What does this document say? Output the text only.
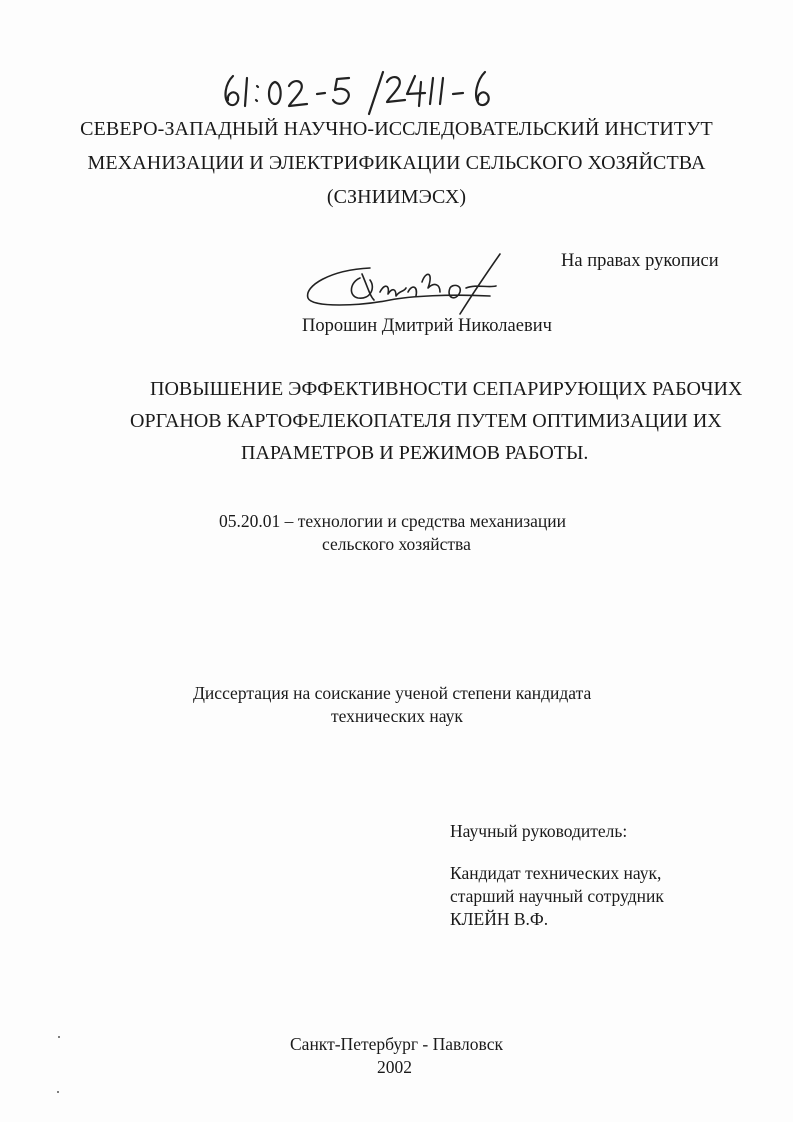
СЕВЕРО-ЗАПАДНЫЙ НАУЧНО-ИССЛЕДОВАТЕЛЬСКИЙ ИНСТИТУТ
МЕХАНИЗАЦИИ И ЭЛЕКТРИФИКАЦИИ СЕЛЬСКОГО ХОЗЯЙСТВА
(СЗНИИМЭСХ)
На правах рукописи
Порошин Дмитрий Николаевич
ПОВЫШЕНИЕ ЭФФЕКТИВНОСТИ СЕПАРИРУЮЩИХ РАБОЧИХ
ОРГАНОВ КАРТОФЕЛЕКОПАТЕЛЯ ПУТЕМ ОПТИМИЗАЦИИ ИХ
ПАРАМЕТРОВ И РЕЖИМОВ РАБОТЫ.
05.20.01 – технологии и средства механизации
сельского хозяйства
Диссертация на соискание ученой степени кандидата
технических наук
Научный руководитель:
Кандидат технических наук,
старший научный сотрудник
КЛЕЙН В.Ф.
Санкт-Петербург - Павловск
2002
